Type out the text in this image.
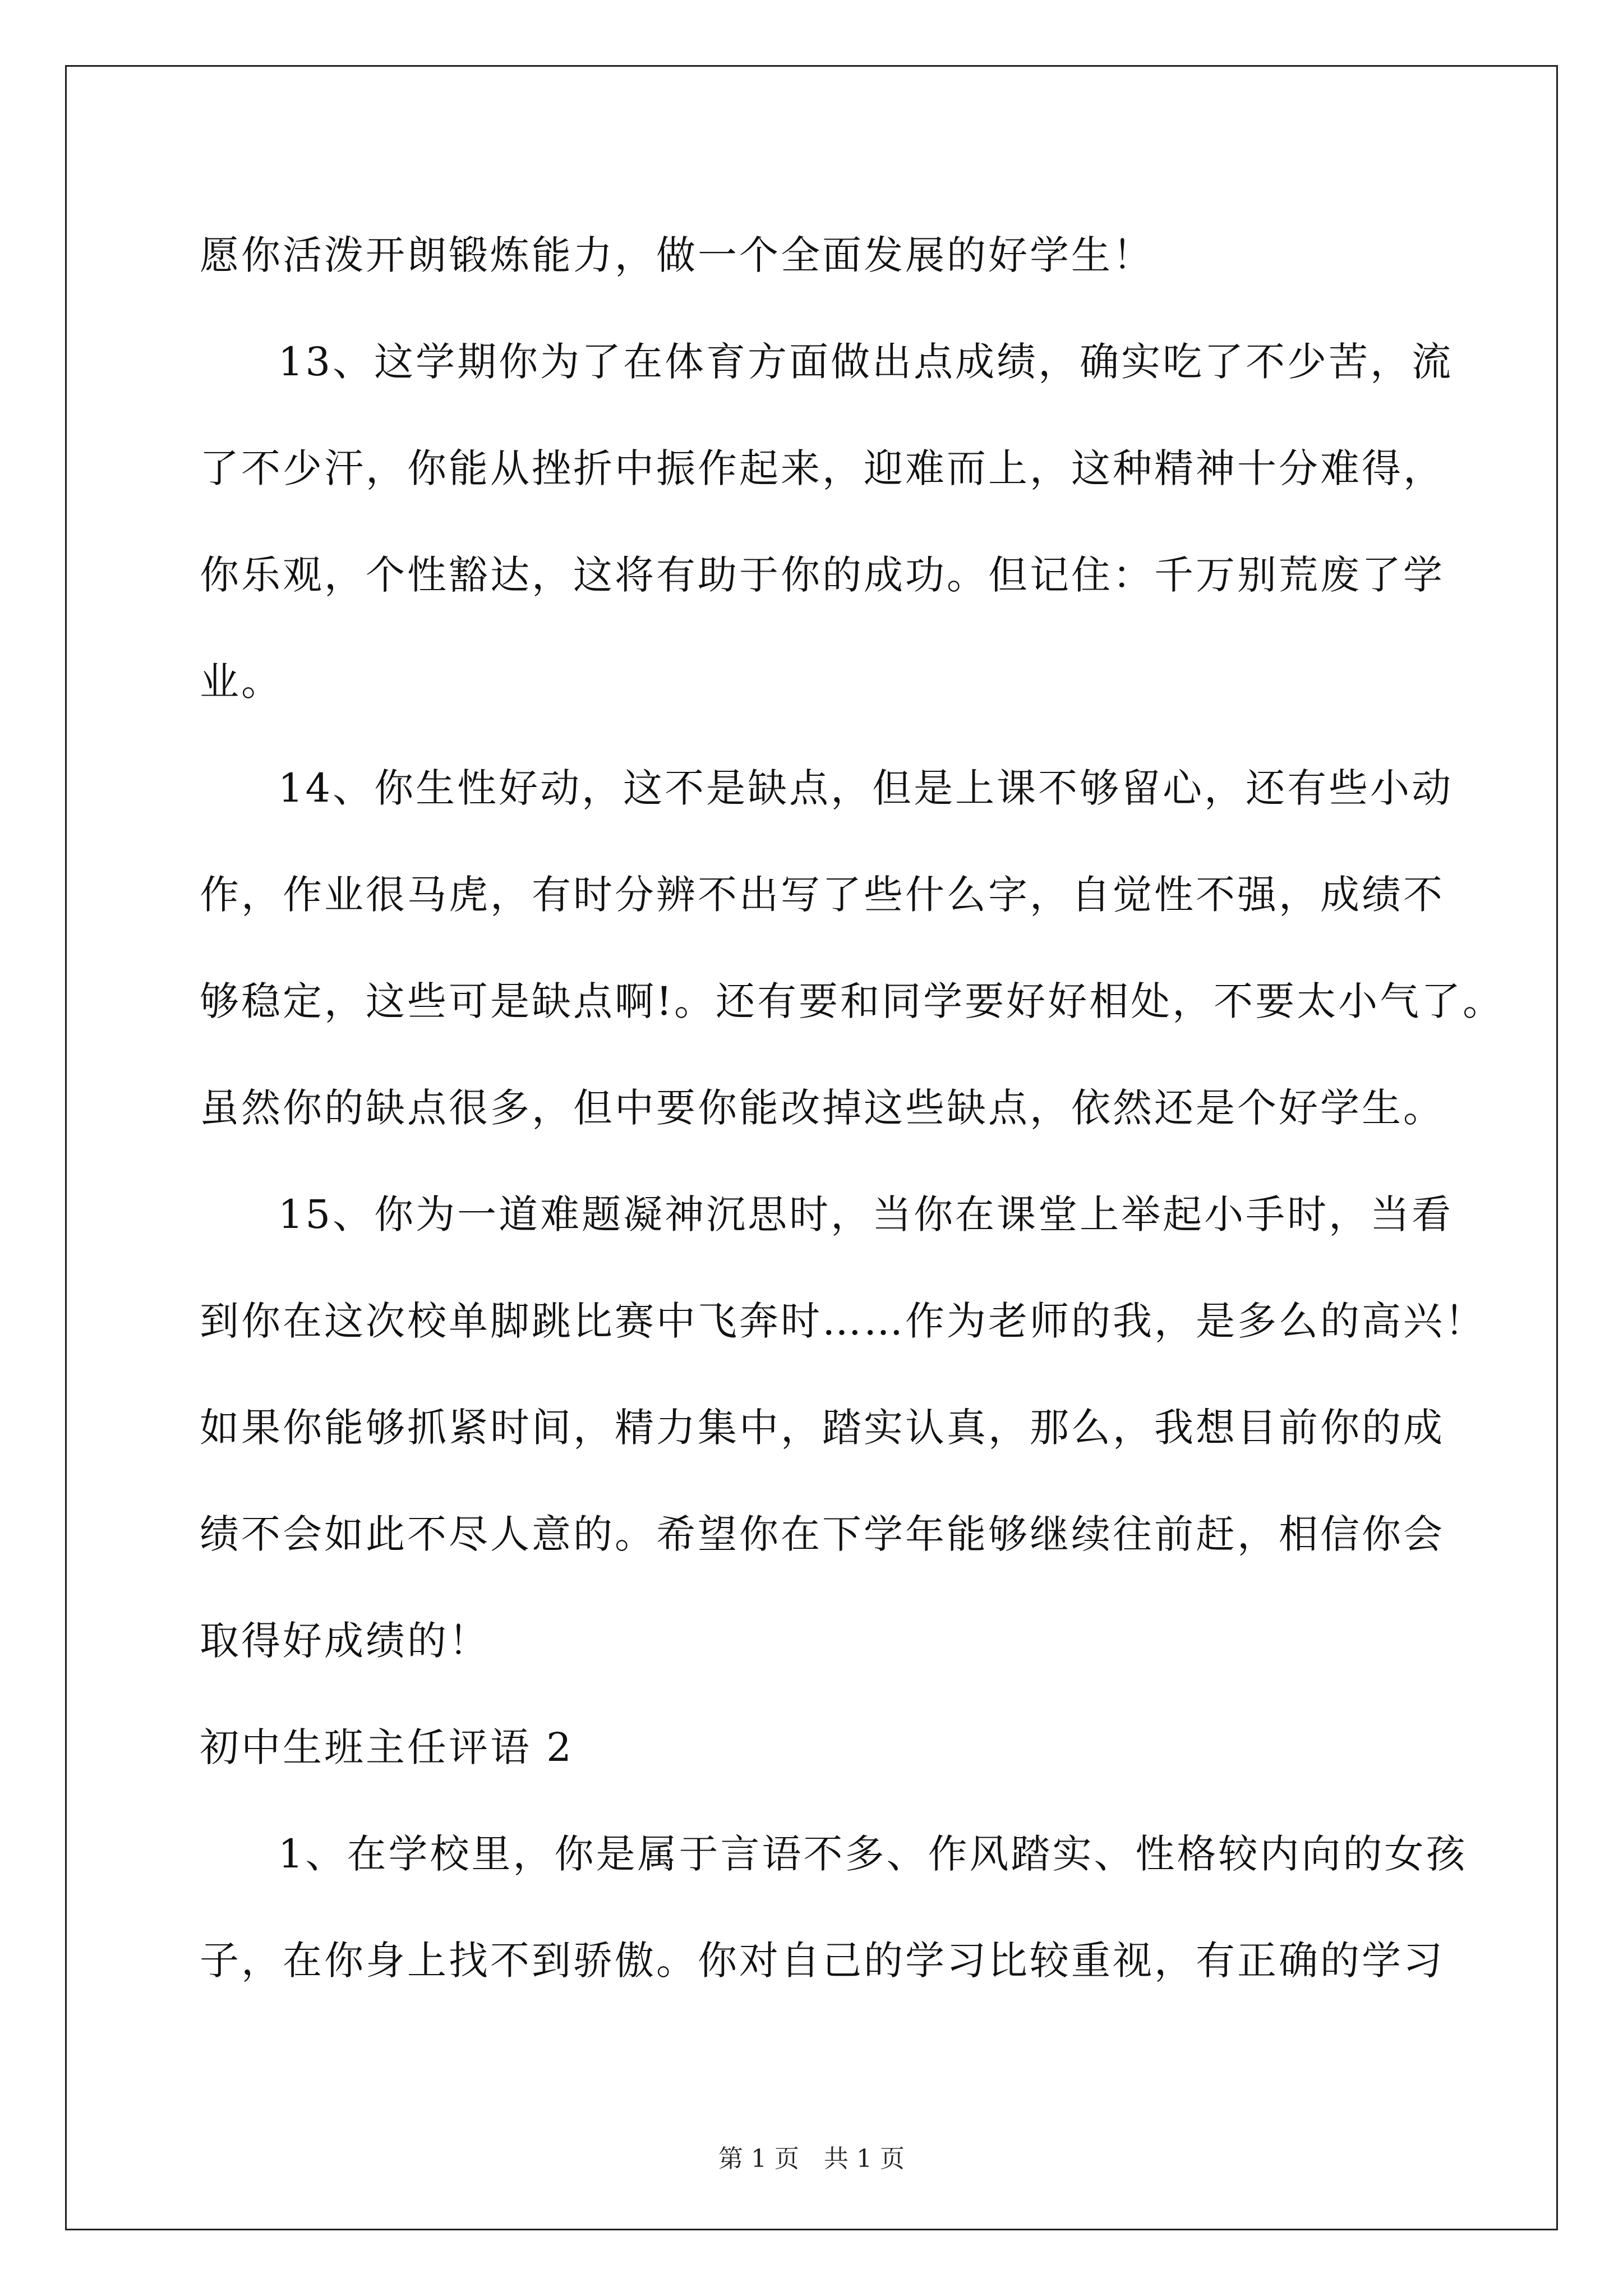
愿你活泼开朗锻炼能力，做一个全面发展的好学生！
13、这学期你为了在体育方面做出点成绩，确实吃了不少苦，流
了不少汗，你能从挫折中振作起来，迎难而上，这种精神十分难得，
你乐观，个性豁达，这将有助于你的成功。但记住：千万别荒废了学
业。
14、你生性好动，这不是缺点，但是上课不够留心，还有些小动
作，作业很马虎，有时分辨不出写了些什么字，自觉性不强，成绩不
够稳定，这些可是缺点啊!。还有要和同学要好好相处，不要太小气了。
虽然你的缺点很多，但中要你能改掉这些缺点，依然还是个好学生。
15、你为一道难题凝神沉思时，当你在课堂上举起小手时，当看
到你在这次校单脚跳比赛中飞奔时……作为老师的我，是多么的高兴！
如果你能够抓紧时间，精力集中，踏实认真，那么，我想目前你的成
绩不会如此不尽人意的。希望你在下学年能够继续往前赶，相信你会
取得好成绩的！
初中生班主任评语 2
1、在学校里，你是属于言语不多、作风踏实、性格较内向的女孩
子，在你身上找不到骄傲。你对自己的学习比较重视，有正确的学习
第 1 页　共 1 页
